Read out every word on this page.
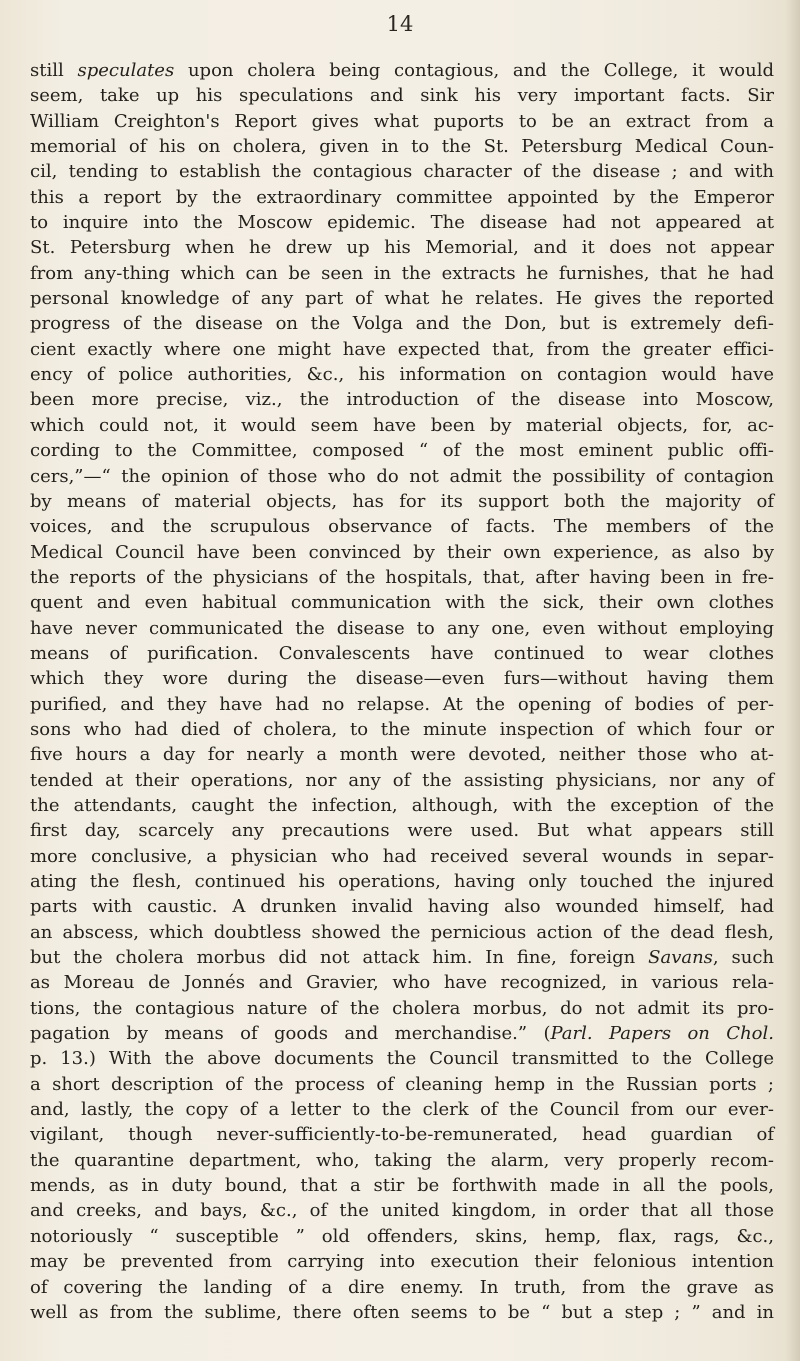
14

still speculates upon cholera being contagious, and the College, it would
seem, take up his speculations and sink his very important facts. Sir
William Creighton's Report gives what puports to be an extract from a
memorial of his on cholera, given in to the St. Petersburg Medical Coun-
cil, tending to establish the contagious character of the disease ; and with
this a report by the extraordinary committee appointed by the Emperor
to inquire into the Moscow epidemic. The disease had not appeared at
St. Petersburg when he drew up his Memorial, and it does not appear
from any-thing which can be seen in the extracts he furnishes, that he had
personal knowledge of any part of what he relates. He gives the reported
progress of the disease on the Volga and the Don, but is extremely defi-
cient exactly where one might have expected that, from the greater effici-
ency of police authorities, &c., his information on contagion would have
been more precise, viz., the introduction of the disease into Moscow,
which could not, it would seem have been by material objects, for, ac-
cording to the Committee, composed “ of the most eminent public offi-
cers,”—“ the opinion of those who do not admit the possibility of contagion
by means of material objects, has for its support both the majority of
voices, and the scrupulous observance of facts. The members of the
Medical Council have been convinced by their own experience, as also by
the reports of the physicians of the hospitals, that, after having been in fre-
quent and even habitual communication with the sick, their own clothes
have never communicated the disease to any one, even without employing
means of purification. Convalescents have continued to wear clothes
which they wore during the disease—even furs—without having them
purified, and they have had no relapse. At the opening of bodies of per-
sons who had died of cholera, to the minute inspection of which four or
five hours a day for nearly a month were devoted, neither those who at-
tended at their operations, nor any of the assisting physicians, nor any of
the attendants, caught the infection, although, with the exception of the
first day, scarcely any precautions were used. But what appears still
more conclusive, a physician who had received several wounds in separ-
ating the flesh, continued his operations, having only touched the injured
parts with caustic. A drunken invalid having also wounded himself, had
an abscess, which doubtless showed the pernicious action of the dead flesh,
but the cholera morbus did not attack him. In fine, foreign Savans, such
as Moreau de Jonnés and Gravier, who have recognized, in various rela-
tions, the contagious nature of the cholera morbus, do not admit its pro-
pagation by means of goods and merchandise.” (Parl. Papers on Chol.
p. 13.) With the above documents the Council transmitted to the College
a short description of the process of cleaning hemp in the Russian ports ;
and, lastly, the copy of a letter to the clerk of the Council from our ever-
vigilant, though never-sufficiently-to-be-remunerated, head guardian of
the quarantine department, who, taking the alarm, very properly recom-
mends, as in duty bound, that a stir be forthwith made in all the pools,
and creeks, and bays, &c., of the united kingdom, in order that all those
notoriously “ susceptible ” old offenders, skins, hemp, flax, rags, &c.,
may be prevented from carrying into execution their felonious intention
of covering the landing of a dire enemy. In truth, from the grave as
well as from the sublime, there often seems to be “ but a step ; ” and in
